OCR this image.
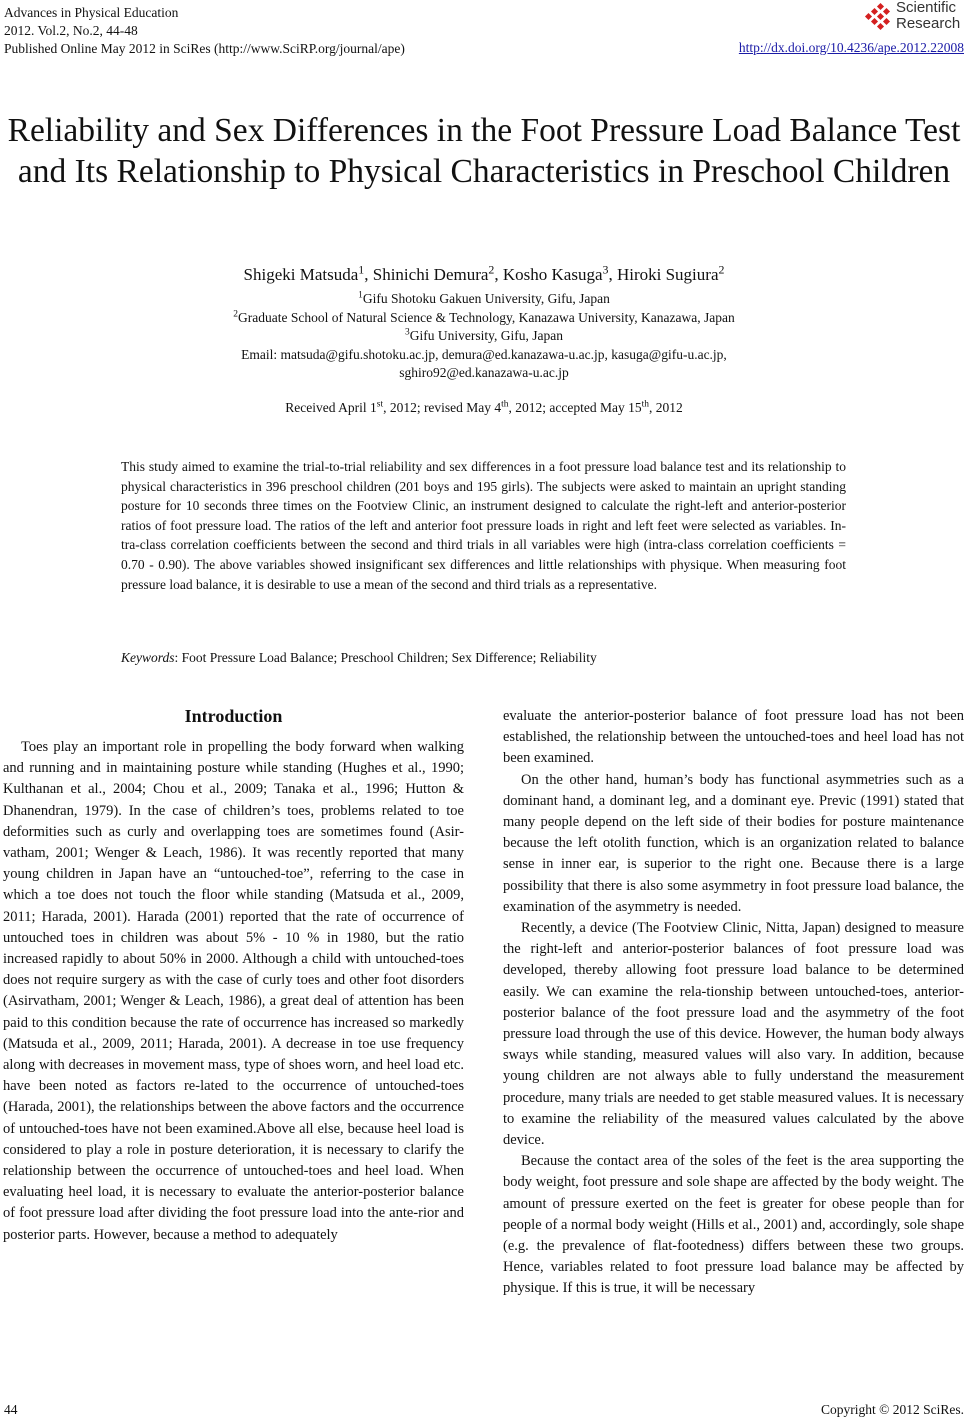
Advances in Physical Education
2012. Vol.2, No.2, 44-48
Published Online May 2012 in SciRes (http://www.SciRP.org/journal/ape)
Scientific
Research
http://dx.doi.org/10.4236/ape.2012.22008
Reliability and Sex Differences in the Foot Pressure Load Balance Test and Its Relationship to Physical Characteristics in Preschool Children
Shigeki Matsuda$^1$, Shinichi Demura$^2$, Kosho Kasuga$^3$, Hiroki Sugiura$^2$
$^1$Gifu Shotoku Gakuen University, Gifu, Japan
$^2$Graduate School of Natural Science & Technology, Kanazawa University, Kanazawa, Japan
$^3$Gifu University, Gifu, Japan
Email: matsuda@gifu.shotoku.ac.jp, demura@ed.kanazawa-u.ac.jp, kasuga@gifu-u.ac.jp,
sghiro92@ed.kanazawa-u.ac.jp
Received April 1st, 2012; revised May 4th, 2012; accepted May 15th, 2012

This study aimed to examine the trial-to-trial reliability and sex differences in a foot pressure load balance test and its relationship to physical characteristics in 396 preschool children (201 boys and 195 girls). The subjects were asked to maintain an upright standing posture for 10 seconds three times on the Footview Clinic, an instrument designed to calculate the right-left and anterior-posterior ratios of foot pressure load. The ratios of the left and anterior foot pressure loads in right and left feet were selected as variables. In-tra-class correlation coefficients between the second and third trials in all variables were high (intra-class correlation coefficients = 0.70 - 0.90). The above variables showed insignificant sex differences and little relationships with physique. When measuring foot pressure load balance, it is desirable to use a mean of the second and third trials as a representative.

Keywords: Foot Pressure Load Balance; Preschool Children; Sex Difference; Reliability
Introduction

Toes play an important role in propelling the body forward when walking and running and in maintaining posture while standing (Hughes et al., 1990; Kulthanan et al., 2004; Chou et al., 2009; Tanaka et al., 1996; Hutton & Dhanendran, 1979). In the case of children’s toes, problems related to toe deformities such as curly and overlapping toes are sometimes found (Asir-vatham, 2001; Wenger & Leach, 1986). It was recently reported that many young children in Japan have an “untouched-toe”, referring to the case in which a toe does not touch the floor while standing (Matsuda et al., 2009, 2011; Harada, 2001). Harada (2001) reported that the rate of occurrence of untouched toes in children was about 5% - 10 % in 1980, but the ratio increased rapidly to about 50% in 2000. Although a child with untouched-toes does not require surgery as with the case of curly toes and other foot disorders (Asirvatham, 2001; Wenger & Leach, 1986), a great deal of attention has been paid to this condition because the rate of occurrence has increased so markedly (Matsuda et al., 2009, 2011; Harada, 2001). A decrease in toe use frequency along with decreases in movement mass, type of shoes worn, and heel load etc. have been noted as factors re-lated to the occurrence of untouched-toes (Harada, 2001), the relationships between the above factors and the occurrence of untouched-toes have not been examined.Above all else, because heel load is considered to play a role in posture deterioration, it is necessary to clarify the relationship between the occurrence of untouched-toes and heel load. When evaluating heel load, it is necessary to evaluate the anterior-posterior balance of foot pressure load after dividing the foot pressure load into the ante-rior and posterior parts. However, because a method to adequately

evaluate the anterior-posterior balance of foot pressure load has not been established, the relationship between the untouched-toes and heel load has not been examined.

On the other hand, human’s body has functional asymmetries such as a dominant hand, a dominant leg, and a dominant eye. Previc (1991) stated that many people depend on the left side of their bodies for posture maintenance because the left otolith function, which is an organization related to balance sense in inner ear, is superior to the right one. Because there is a large possibility that there is also some asymmetry in foot pressure load balance, the examination of the asymmetry is needed.

Recently, a device (The Footview Clinic, Nitta, Japan) designed to measure the right-left and anterior-posterior balances of foot pressure load was developed, thereby allowing foot pressure load balance to be determined easily. We can examine the rela-tionship between untouched-toes, anterior-posterior balance of the foot pressure load and the asymmetry of the foot pressure load through the use of this device. However, the human body always sways while standing, measured values will also vary. In addition, because young children are not always able to fully understand the measurement procedure, many trials are needed to get stable measured values. It is necessary to examine the reliability of the measured values calculated by the above device.

Because the contact area of the soles of the feet is the area supporting the body weight, foot pressure and sole shape are affected by the body weight. The amount of pressure exerted on the feet is greater for obese people than for people of a normal body weight (Hills et al., 2001) and, accordingly, sole shape (e.g. the prevalence of flat-footedness) differs between these two groups. Hence, variables related to foot pressure load balance may be affected by physique. If this is true, it will be necessary

44	Copyright © 2012 SciRes.
